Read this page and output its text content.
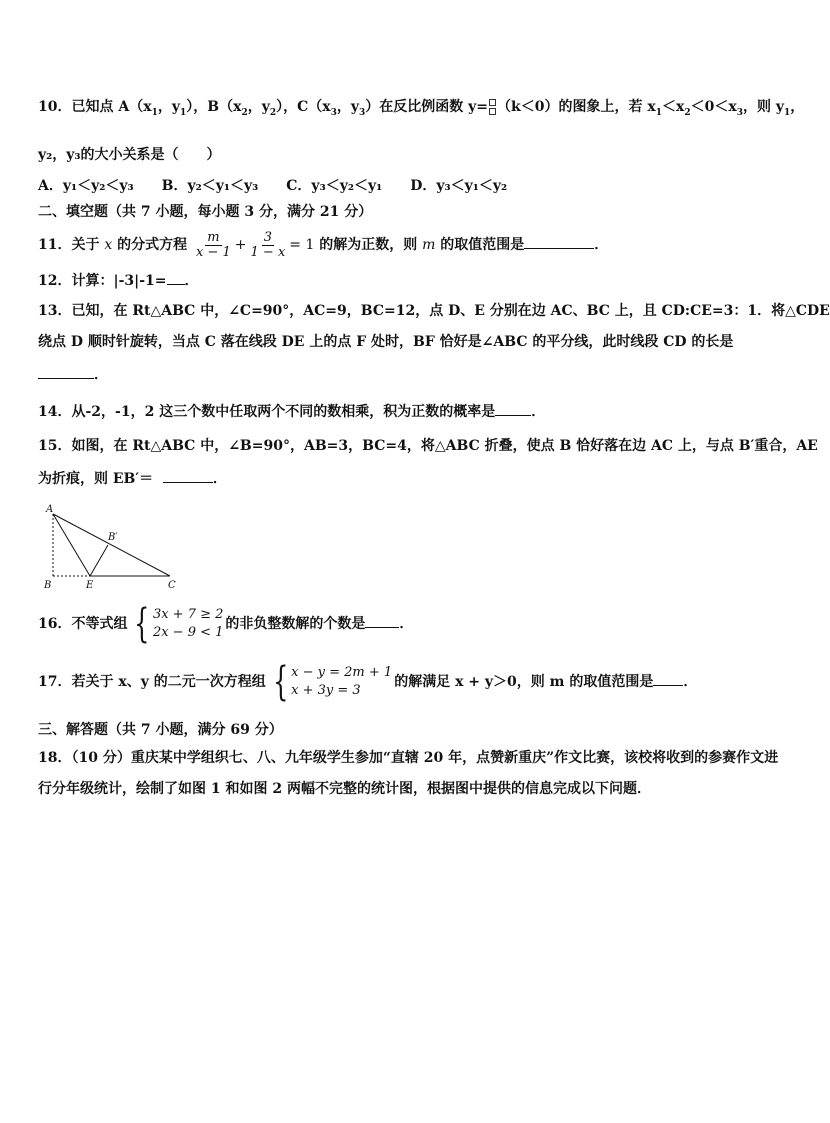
10．已知点 $A(x_1$，$y_1$），$B(x_2$，$y_2$），$C(x_3$，$y_3$）在反比例函数 y= （k＜0）的图象上，若 $x_1<x_2<0<x_3$，则 $y_1$，
y₂，y₃的大小关系是（　　）
A．y₁＜y₂＜y₃　　B．y₂＜y₁＜y₃　　C．y₃＜y₂＜y₁　　D．y₃＜y₁＜y₂
二、填空题（共 7 小题，每小题 3 分，满分 21 分）
11．关于 x 的分式方程 $\frac{m}{x - 1} + \frac{3}{1 - x} = 1$ 的解为正数，则 m 的取值范围是	．
12．计算：|-3|-1= ．
13．已知，在 Rt△ABC 中，∠C=90°，AC=9，BC=12，点 D、E 分别在边 AC、BC 上，且 CD:CE=3：1．将△CDE
绕点 D 顺时针旋转，当点 C 落在线段 DE 上的点 F 处时，BF 恰好是∠ABC 的平分线，此时线段 CD 的长是
．
14．从-2，-1，2 这三个数中任取两个不同的数相乘，积为正数的概率是	．
15．如图，在 Rt△ABC 中，∠B=90°，AB=3，BC=4，将△ABC 折叠，使点 B 恰好落在边 AC 上，与点 B′重合，AE
为折痕，则 EB′＝	．
A
B
B′
E	C
16．不等式组 { 3x + 7 ≥ 2
2x − 9 < 1
的非负整数解的个数是 ．
17．若关于 x、y 的二元一次方程组 { x − y = 2m + 1
x + 3y = 3
的解满足 x + y＞0，则 m 的取值范围是 ．
三、解答题（共 7 小题，满分 69 分）
18．（10 分）重庆某中学组织七、八、九年级学生参加“直辖 20 年，点赞新重庆”作文比赛，该校将收到的参赛作文进
行分年级统计，绘制了如图 1 和如图 2 两幅不完整的统计图，根据图中提供的信息完成以下问题．
